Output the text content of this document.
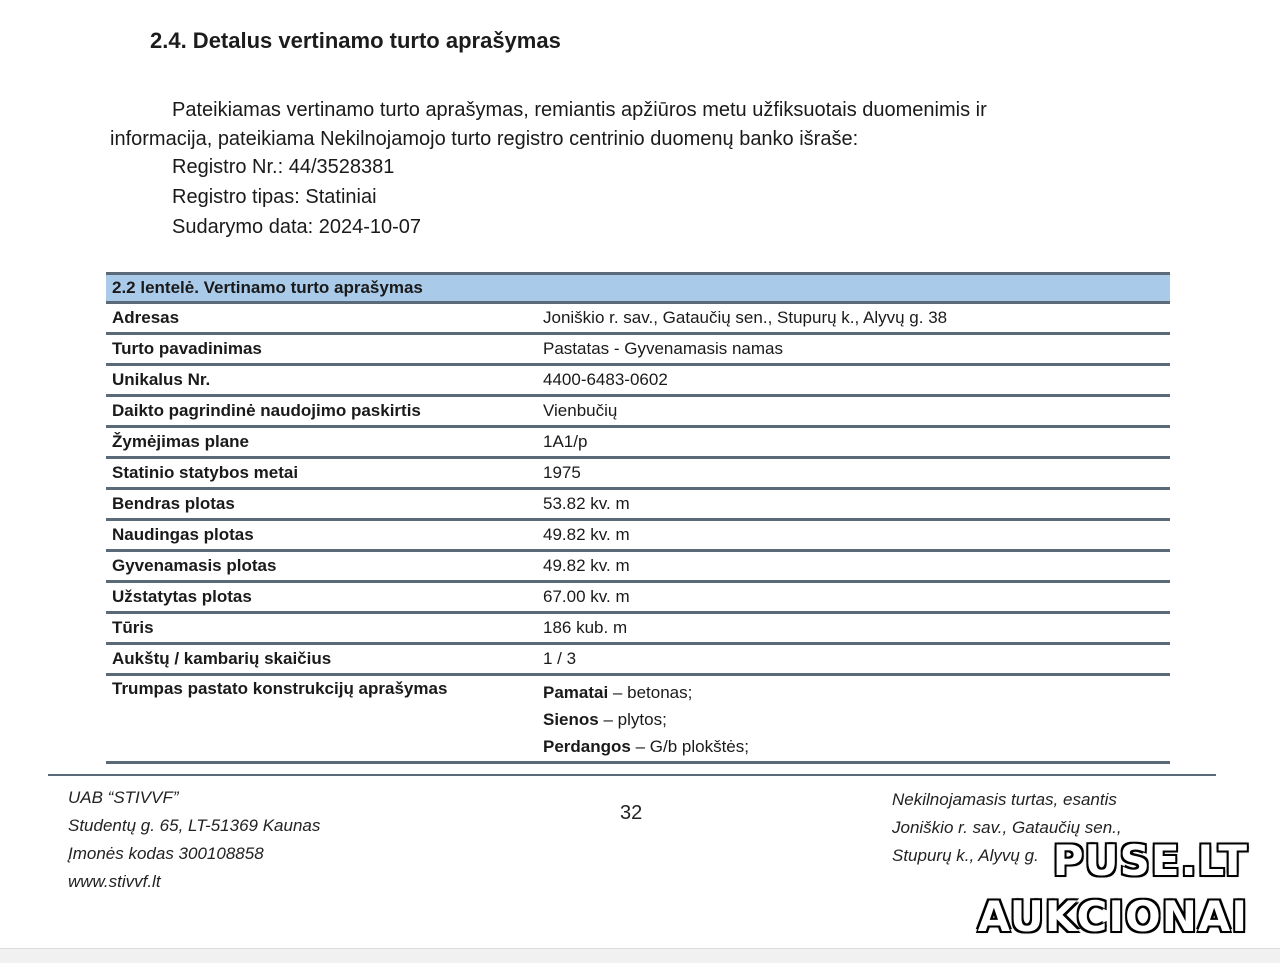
2.4. Detalus vertinamo turto aprašymas
Pateikiamas vertinamo turto aprašymas, remiantis apžiūros metu užfiksuotais duomenimis ir
informacija, pateikiama Nekilnojamojo turto registro centrinio duomenų banko išraše:
Registro Nr.: 44/3528381
Registro tipas: Statiniai
Sudarymo data: 2024-10-07
2.2 lentelė. Vertinamo turto aprašymas	
Adresas	Joniškio r. sav., Gataučių sen., Stupurų k., Alyvų g. 38
Turto pavadinimas	Pastatas - Gyvenamasis namas
Unikalus Nr.	4400-6483-0602
Daikto pagrindinė naudojimo paskirtis	Vienbučių
Žymėjimas plane	1A1/p
Statinio statybos metai	1975
Bendras plotas	53.82 kv. m
Naudingas plotas	49.82 kv. m
Gyvenamasis plotas	49.82 kv. m
Užstatytas plotas	67.00 kv. m
Tūris	186 kub. m
Aukštų / kambarių skaičius	1 / 3
Trumpas pastato konstrukcijų aprašymas	Pamatai – betonas;
Sienos – plytos;
Perdangos – G/b plokštės;
UAB “STIVVF”
Studentų g. 65, LT-51369 Kaunas
Įmonės kodas 300108858
www.stivvf.lt
32
Nekilnojamasis turtas, esantis
Joniškio r. sav., Gataučių sen.,
Stupurų k., Alyvų g. PUSE.LT
AUKCIONAI
